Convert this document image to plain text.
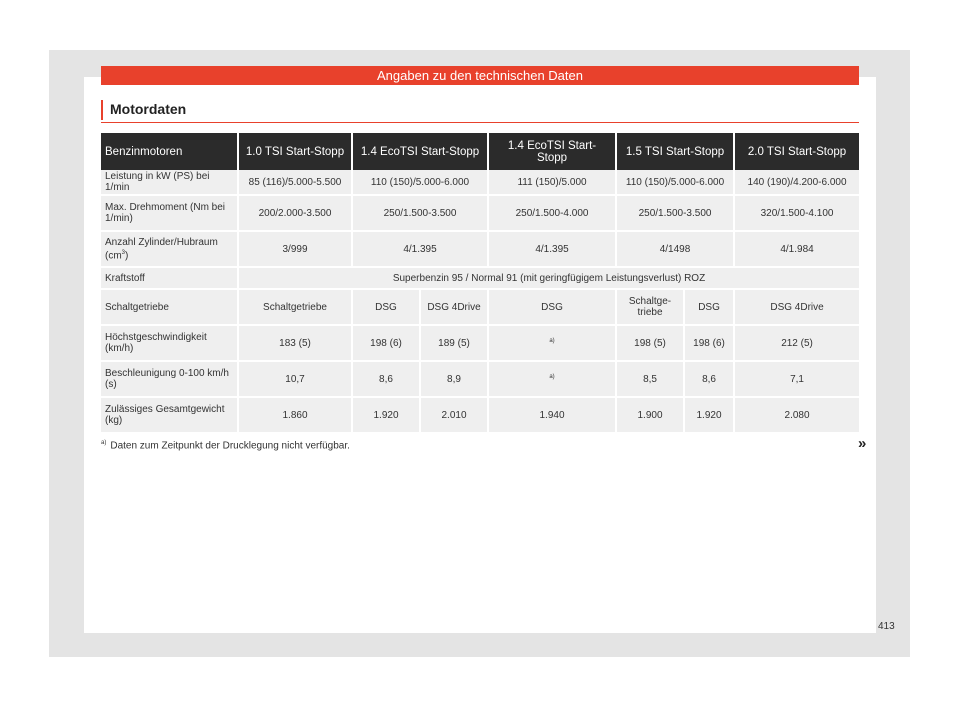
Angaben zu den technischen Daten
Motordaten
Benzinmotoren	1.0 TSI Start-Stopp	1.4 EcoTSI Start-Stopp		1.4 EcoTSI Start-Stopp	1.5 TSI Start-Stopp		2.0 TSI Start-Stopp
Leistung in kW (PS) bei 1/min	85 (116)/5.000-5.500	110 (150)/5.000-6.000		111 (150)/5.000	110 (150)/5.000-6.000		140 (190)/4.200-6.000
Max. Drehmoment (Nm bei 1/min)	200/2.000-3.500	250/1.500-3.500		250/1.500-4.000	250/1.500-3.500		320/1.500-4.100
Anzahl Zylinder/Hubraum (cm$^3$)	3/999	4/1.395		4/1.395	4/1498		4/1.984
Kraftstoff	Superbenzin 95 / Normal 91 (mit geringfügigem Leistungsverlust) ROZ						
Schaltgetriebe	Schaltgetriebe	DSG	DSG 4Drive	DSG	Schaltgetriebe	DSG	DSG 4Drive
Höchstgeschwindigkeit (km/h)	183 (5)	198 (6)	189 (5)	$^{a)}$	198 (5)	198 (6)	212 (5)
Beschleunigung 0-100 km/h (s)	10,7	8,6	8,9	$^{a)}$	8,5	8,6	7,1
Zulässiges Gesamtgewicht (kg)	1.860	1.920	2.010	1.940	1.900	1.920	2.080
$^{a)}$ Daten zum Zeitpunkt der Drucklegung nicht verfügbar.	»
413
